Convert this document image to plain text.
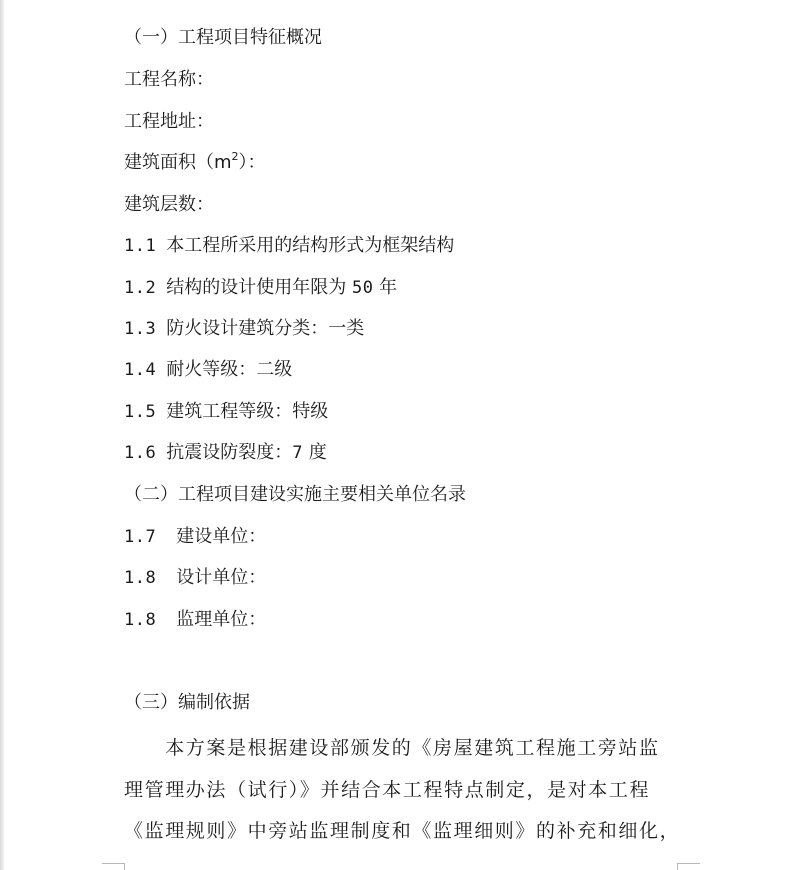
（一）工程项目特征概况
工程名称：
工程地址：
建筑面积$(m^2)$：
建筑层数：
1.1 本工程所采用的结构形式为框架结构
1.2 结构的设计使用年限为 50 年
1.3 防火设计建筑分类：一类
1.4 耐火等级：二级
1.5 建筑工程等级：特级
1.6 抗震设防裂度：7 度
（二）工程项目建设实施主要相关单位名录
1.7 建设单位：
1.8 设计单位：
1.8 监理单位：
（三）编制依据
　　本方案是根据建设部颁发的《房屋建筑工程施工旁站监
理管理办法（试行）》并结合本工程特点制定，是对本工程
《监理规则》中旁站监理制度和《监理细则》的补充和细化，
